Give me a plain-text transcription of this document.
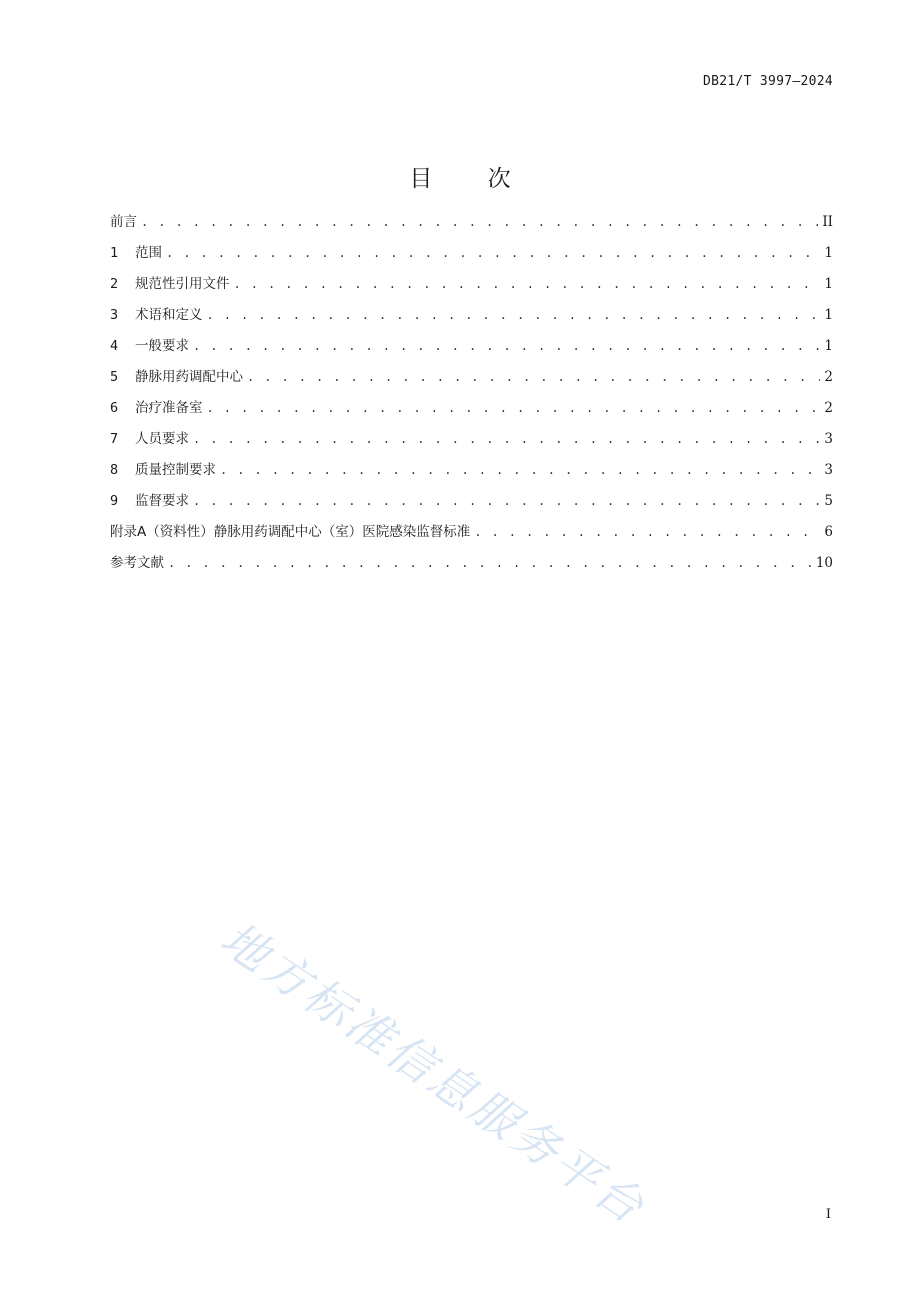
DB21/T 3997—2024
目 次
前言 . . .	II
1	范围 . . .	1
2	规范性引用文件 . . .	1
3	术语和定义 . . .	1
4	一般要求 . . .	1
5	静脉用药调配中心 . . .	2
6	治疗准备室 . . .	2
7	人员要求 . . .	3
8	质量控制要求 . . .	3
9	监督要求 . . .	5
附录A（资料性）静脉用药调配中心（室）医院感染监督标准 . . .	6
参考文献 . . .	10
地方标准信息服务平台	I
